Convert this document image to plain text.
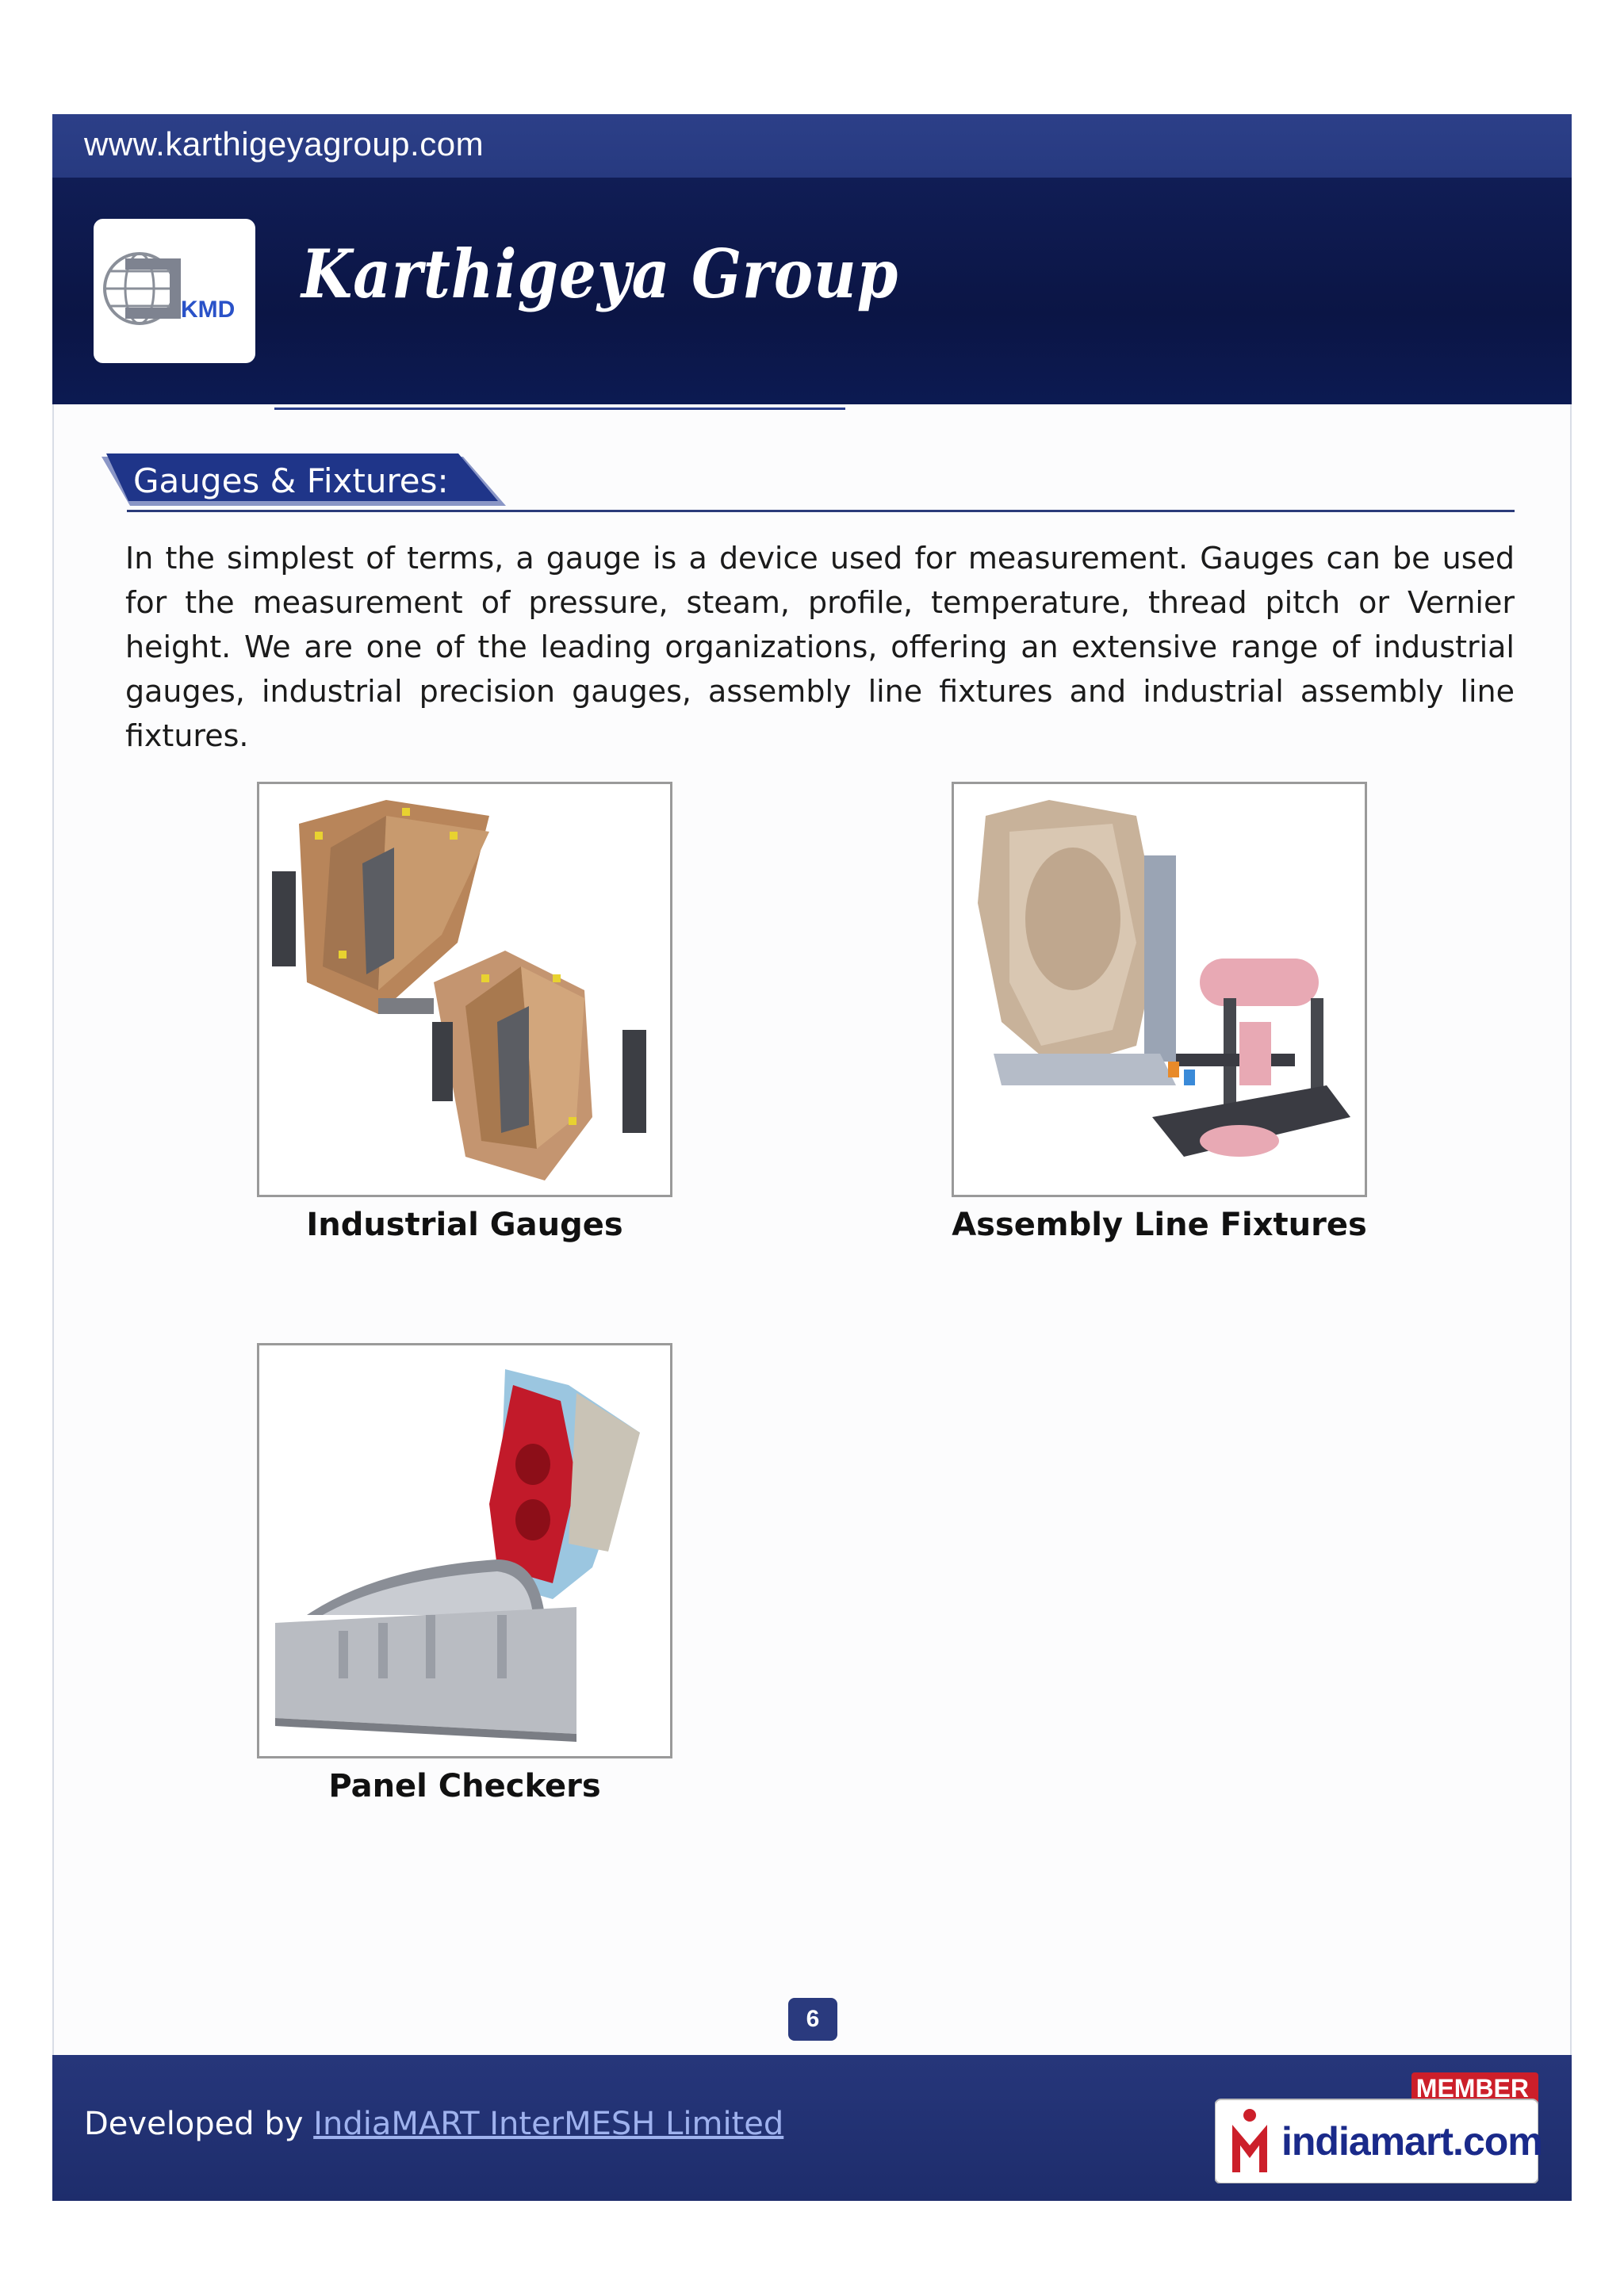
www.karthigeyagroup.com
KMD Karthigeya Group
Gauges & Fixtures:
In the simplest of terms, a gauge is a device used for measurement. Gauges can be used for the measurement of pressure, steam, profile, temperature, thread pitch or Vernier height. We are one of the leading organizations, offering an extensive range of industrial gauges, industrial precision gauges, assembly line fixtures and industrial assembly line fixtures.
Industrial Gauges	Assembly Line Fixtures
Panel Checkers
6
Developed by IndiaMART InterMESH Limited
MEMBER
indiamart.com
